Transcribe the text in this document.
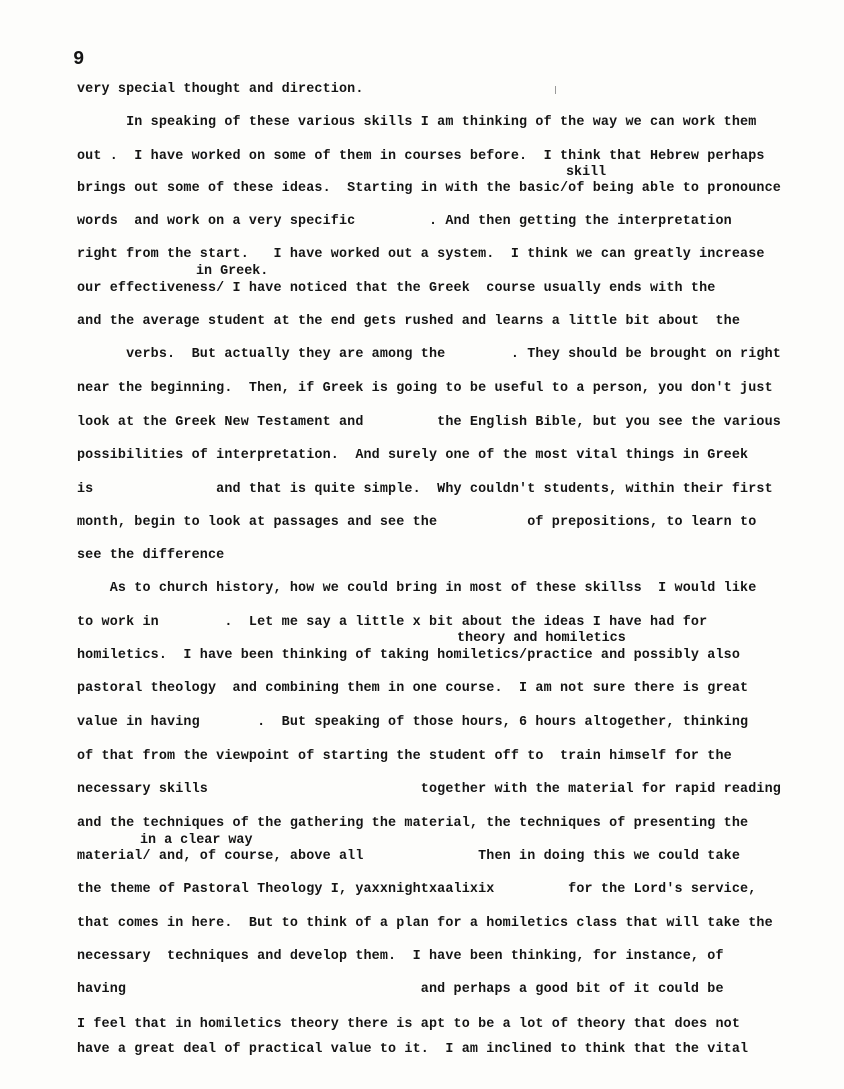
9
skill
in Greek.
theory and homiletics
in a clear way
very special thought and direction.
In speaking of these various skills I am thinking of the way we can work them
out .  I have worked on some of them in courses before.  I think that Hebrew perhaps
brings out some of these ideas.  Starting in with the basic/of being able to pronounce
words  and work on a very specific         . And then getting the interpretation
right from the start.   I have worked out a system.  I think we can greatly increase
our effectiveness/ I have noticed that the Greek  course usually ends with the
and the average student at the end gets rushed and learns a little bit about  the
verbs.  But actually they are among the        . They should be brought on right
near the beginning.  Then, if Greek is going to be useful to a person, you don't just
look at the Greek New Testament and         the English Bible, but you see the various
possibilities of interpretation.  And surely one of the most vital things in Greek
is               and that is quite simple.  Why couldn't students, within their first
month, begin to look at passages and see the           of prepositions, to learn to
see the difference
As to church history, how we could bring in most of these skillss  I would like
to work in        .  Let me say a little x bit about the ideas I have had for
homiletics.  I have been thinking of taking homiletics/practice and possibly also
pastoral theology  and combining them in one course.  I am not sure there is great
value in having       .  But speaking of those hours, 6 hours altogether, thinking
of that from the viewpoint of starting the student off to  train himself for the
necessary skills                          together with the material for rapid reading
and the techniques of the gathering the material, the techniques of presenting the
material/ and, of course, above all              Then in doing this we could take
the theme of Pastoral Theology I, yaxxnightxaalixix         for the Lord's service,
that comes in here.  But to think of a plan for a homiletics class that will take the
necessary  techniques and develop them.  I have been thinking, for instance, of
having                                    and perhaps a good bit of it could be
I feel that in homiletics theory there is apt to be a lot of theory that does not
have a great deal of practical value to it.  I am inclined to think that the vital
